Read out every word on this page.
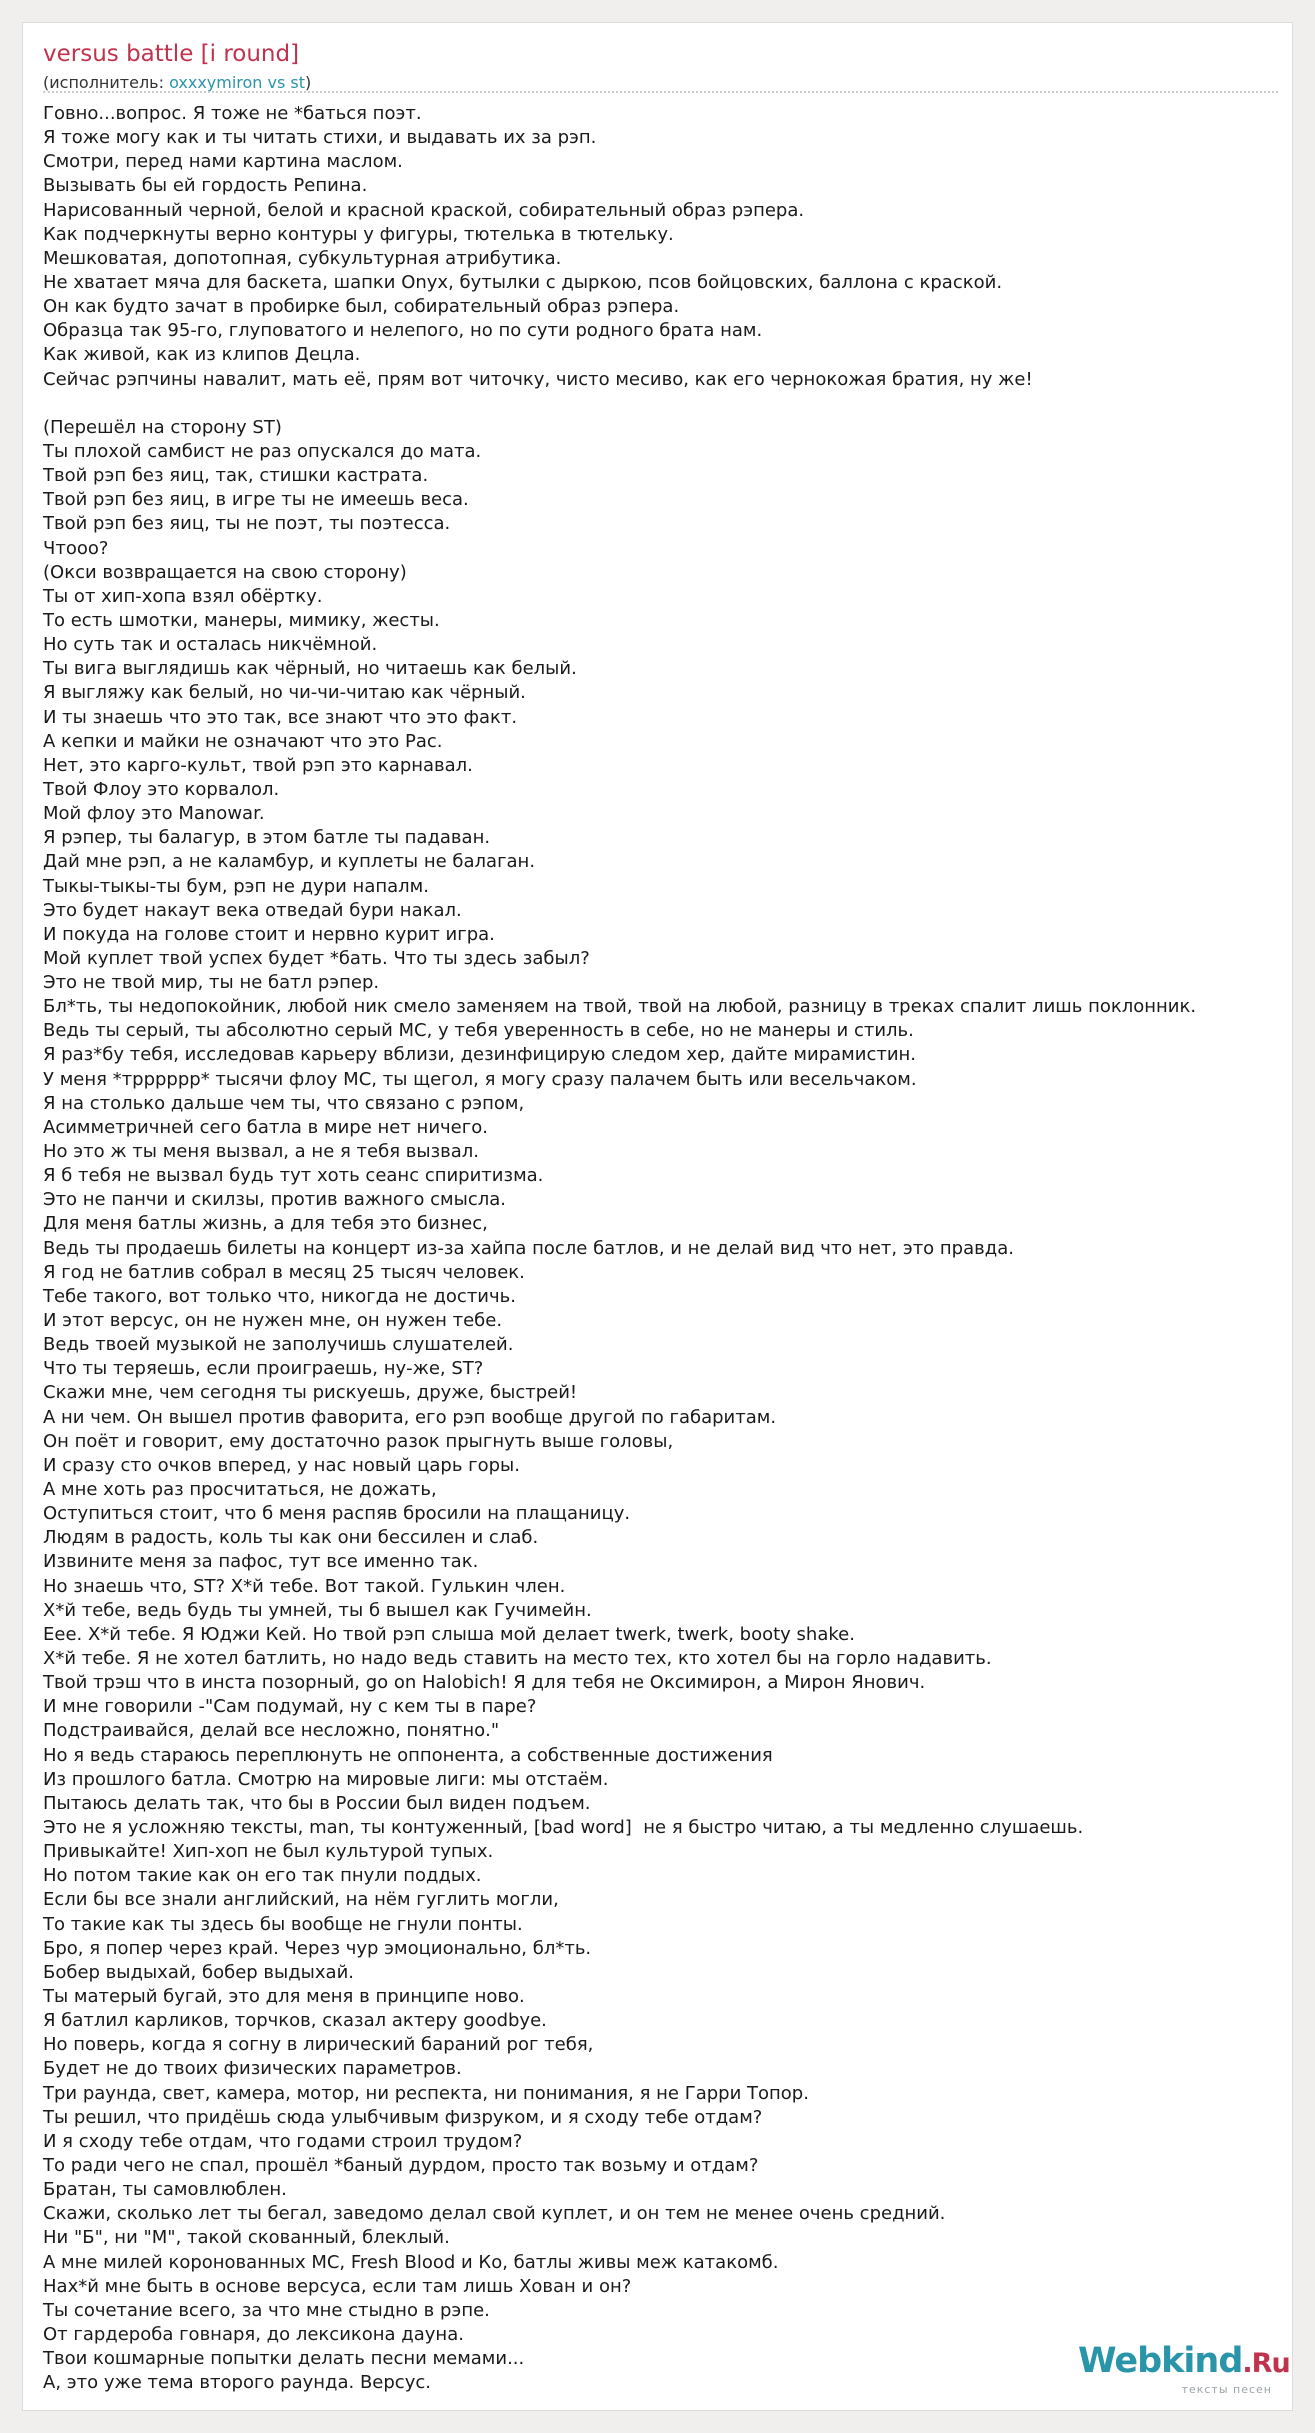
versus battle [i round]
(исполнитель: oxxxymiron vs st)
Говно...вопрос. Я тоже не *баться поэт.
Я тоже могу как и ты читать стихи, и выдавать их за рэп.
Смотри, перед нами картина маслом.
Вызывать бы ей гордость Репина.
Нарисованный черной, белой и красной краской, собирательный образ рэпера.
Как подчеркнуты верно контуры у фигуры, тютелька в тютельку.
Мешковатая, допотопная, субкультурная атрибутика.
Не хватает мяча для баскета, шапки Onyx, бутылки с дыркою, псов бойцовских, баллона с краской.
Он как будто зачат в пробирке был, собирательный образ рэпера.
Образца так 95-го, глуповатого и нелепого, но по сути родного брата нам.
Как живой, как из клипов Децла.
Сейчас рэпчины навалит, мать её, прям вот читочку, чисто месиво, как его чернокожая братия, ну же!
(Перешёл на сторону ST)
Ты плохой самбист не раз опускался до мата.
Твой рэп без яиц, так, стишки кастрата.
Твой рэп без яиц, в игре ты не имеешь веса.
Твой рэп без яиц, ты не поэт, ты поэтесса.
Чтооо?
(Окси возвращается на свою сторону)
Ты от хип-хопа взял обёртку.
То есть шмотки, манеры, мимику, жесты.
Но суть так и осталась никчёмной.
Ты вига выглядишь как чёрный, но читаешь как белый.
Я выгляжу как белый, но чи-чи-читаю как чёрный.
И ты знаешь что это так, все знают что это факт.
А кепки и майки не означают что это Рас.
Нет, это карго-культ, твой рэп это карнавал.
Твой Флоу это корвалол.
Мой флоу это Manowar.
Я рэпер, ты балагур, в этом батле ты падаван.
Дай мне рэп, а не каламбур, и куплеты не балаган.
Тыкы-тыкы-ты бум, рэп не дури напалм.
Это будет накаут века отведай бури накал.
И покуда на голове стоит и нервно курит игра.
Мой куплет твой успех будет *бать. Что ты здесь забыл?
Это не твой мир, ты не батл рэпер.
Бл*ть, ты недопокойник, любой ник смело заменяем на твой, твой на любой, разницу в треках спалит лишь поклонник.
Ведь ты серый, ты абсолютно серый MC, у тебя уверенность в себе, но не манеры и стиль.
Я раз*бу тебя, исследовав карьеру вблизи, дезинфицирую следом хер, дайте мирамистин.
У меня *трррррр* тысячи флоу MC, ты щегол, я могу сразу палачем быть или весельчаком.
Я на столько дальше чем ты, что связано с рэпом,
Асимметричней сего батла в мире нет ничего.
Но это ж ты меня вызвал, а не я тебя вызвал.
Я б тебя не вызвал будь тут хоть сеанс спиритизма.
Это не панчи и скилзы, против важного смысла.
Для меня батлы жизнь, а для тебя это бизнес,
Ведь ты продаешь билеты на концерт из-за хайпа после батлов, и не делай вид что нет, это правда.
Я год не батлив собрал в месяц 25 тысяч человек.
Тебе такого, вот только что, никогда не достичь.
И этот версус, он не нужен мне, он нужен тебе.
Ведь твоей музыкой не заполучишь слушателей.
Что ты теряешь, если проиграешь, ну-же, ST?
Скажи мне, чем сегодня ты рискуешь, друже, быстрей!
А ни чем. Он вышел против фаворита, его рэп вообще другой по габаритам.
Он поёт и говорит, ему достаточно разок прыгнуть выше головы,
И сразу сто очков вперед, у нас новый царь горы.
А мне хоть раз просчитаться, не дожать,
Оступиться стоит, что б меня распяв бросили на плащаницу.
Людям в радость, коль ты как они бессилен и слаб.
Извините меня за пафос, тут все именно так.
Но знаешь что, ST? Х*й тебе. Вот такой. Гулькин член.
Х*й тебе, ведь будь ты умней, ты б вышел как Гучимейн.
Еее. Х*й тебе. Я Юджи Кей. Но твой рэп слыша мой делает twerk, twerk, booty shake.
Х*й тебе. Я не хотел батлить, но надо ведь ставить на место тех, кто хотел бы на горло надавить.
Твой трэш что в инста позорный, go on Halobich! Я для тебя не Оксимирон, а Мирон Янович.
И мне говорили -"Сам подумай, ну с кем ты в паре?
Подстраивайся, делай все несложно, понятно."
Но я ведь стараюсь переплюнуть не оппонента, а собственные достижения
Из прошлого батла. Смотрю на мировые лиги: мы отстаём.
Пытаюсь делать так, что бы в России был виден подъем.
Это не я усложняю тексты, man, ты контуженный, [bad word]  не я быстро читаю, а ты медленно слушаешь.
Привыкайте! Хип-хоп не был культурой тупых.
Но потом такие как он его так пнули поддых.
Если бы все знали английский, на нём гуглить могли,
То такие как ты здесь бы вообще не гнули понты.
Бро, я попер через край. Через чур эмоционально, бл*ть.
Бобер выдыхай, бобер выдыхай.
Ты матерый бугай, это для меня в принципе ново.
Я батлил карликов, торчков, сказал актеру goodbye.
Но поверь, когда я согну в лирический бараний рог тебя,
Будет не до твоих физических параметров.
Три раунда, свет, камера, мотор, ни респекта, ни понимания, я не Гарри Топор.
Ты решил, что придёшь сюда улыбчивым физруком, и я сходу тебе отдам?
И я сходу тебе отдам, что годами строил трудом?
То ради чего не спал, прошёл *баный дурдом, просто так возьму и отдам?
Братан, ты самовлюблен.
Скажи, сколько лет ты бегал, заведомо делал свой куплет, и он тем не менее очень средний.
Ни "Б", ни "М", такой скованный, блеклый.
А мне милей коронованных MC, Fresh Blood и Ко, батлы живы меж катакомб.
Нах*й мне быть в основе версуса, если там лишь Хован и он?
Ты сочетание всего, за что мне стыдно в рэпе.
От гардероба говнаря, до лексикона дауна.
Твои кошмарные попытки делать песни мемами...
А, это уже тема второго раунда. Версус.
Webkind.Ru
тексты песен
